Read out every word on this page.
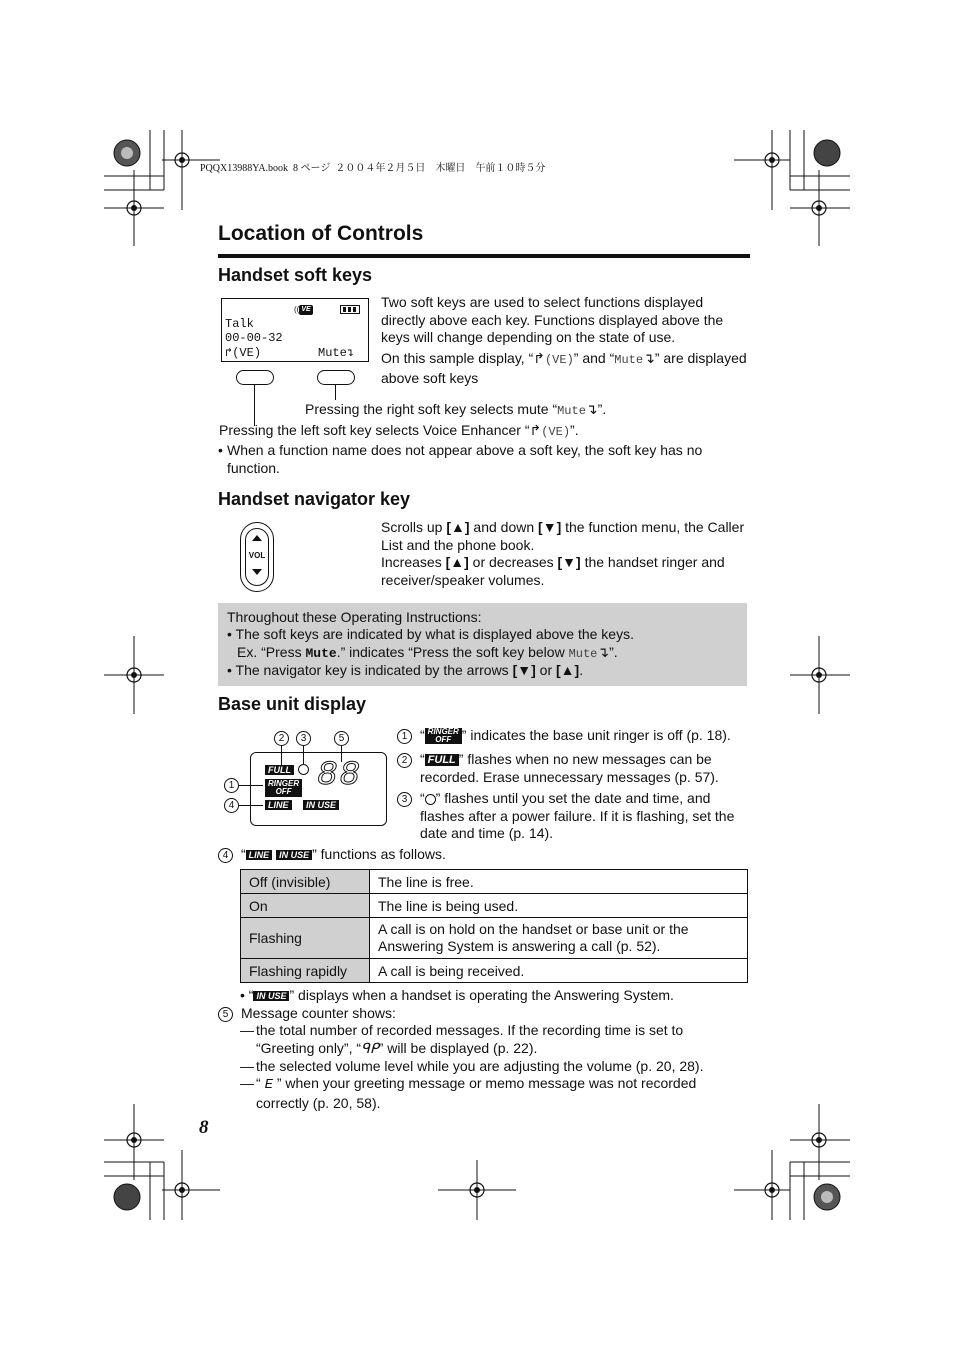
PQQX13988YA.book  8 ページ  ２００４年２月５日　木曜日　午前１０時５分
Location of Controls
Handset soft keys
(( VE
Talk
00-00-32
↱(VE)	Mute↴
Two soft keys are used to select functions displayed directly above each key. Functions displayed above the keys will change depending on the state of use.
On this sample display, “↱(VE)” and “Mute↴” are displayed above soft keys
Pressing the right soft key selects mute “Mute↴”.
Pressing the left soft key selects Voice Enhancer “↱(VE)”.
• When a function name does not appear above a soft key, the soft key has no function.
Handset navigator key
VOL
Scrolls up [▲] and down [▼] the function menu, the Caller List and the phone book.
Increases [▲] or decreases [▼] the handset ringer and receiver/speaker volumes.
Throughout these Operating Instructions:
• The soft keys are indicated by what is displayed above the keys.
Ex. “Press Mute.” indicates “Press the soft key below Mute↴”.
• The navigator key is indicated by the arrows [▼] or [▲].
Base unit display
2	3	5
1
4
FULL
RINGER
OFF
LINE	IN USE
88
1 “ RINGER
OFF ” indicates the base unit ringer is off (p. 18).
2 “ FULL ” flashes when no new messages can be recorded. Erase unnecessary messages (p. 57).
3 “ ” flashes until you set the date and time, and flashes after a power failure. If it is flashing, set the date and time (p. 14).
4 “ LINE IN USE ” functions as follows.
Off (invisible)	The line is free.
On	The line is being used.
Flashing	A call is on hold on the handset or base unit or the Answering System is answering a call (p. 52).
Flashing rapidly	A call is being received.
• “ IN USE ” displays when a handset is operating the Answering System.
5 Message counter shows:
— the total number of recorded messages. If the recording time is set to “Greeting only”, “ᑫᑭ” will be displayed (p. 22).
— the selected volume level while you are adjusting the volume (p. 20, 28).
— “ E ” when your greeting message or memo message was not recorded correctly (p. 20, 58).
8
